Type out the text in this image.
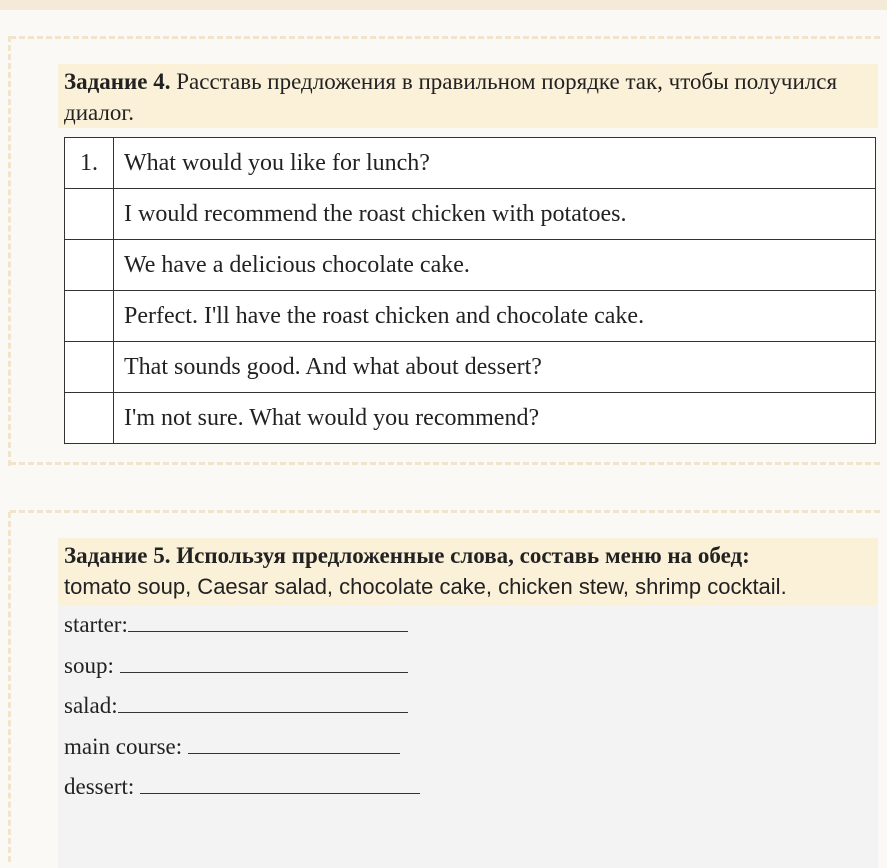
Задание 4. Расставь предложения в правильном порядке так, чтобы получился диалог.
1.	What would you like for lunch?
	I would recommend the roast chicken with potatoes.
	We have a delicious chocolate cake.
	Perfect. I'll have the roast chicken and chocolate cake.
	That sounds good. And what about dessert?
	I'm not sure. What would you recommend?
Задание 5. Используя предложенные слова, составь меню на обед:
tomato soup, Caesar salad, chocolate cake, chicken stew, shrimp cocktail.
starter:
soup:
salad:
main course:
dessert:
